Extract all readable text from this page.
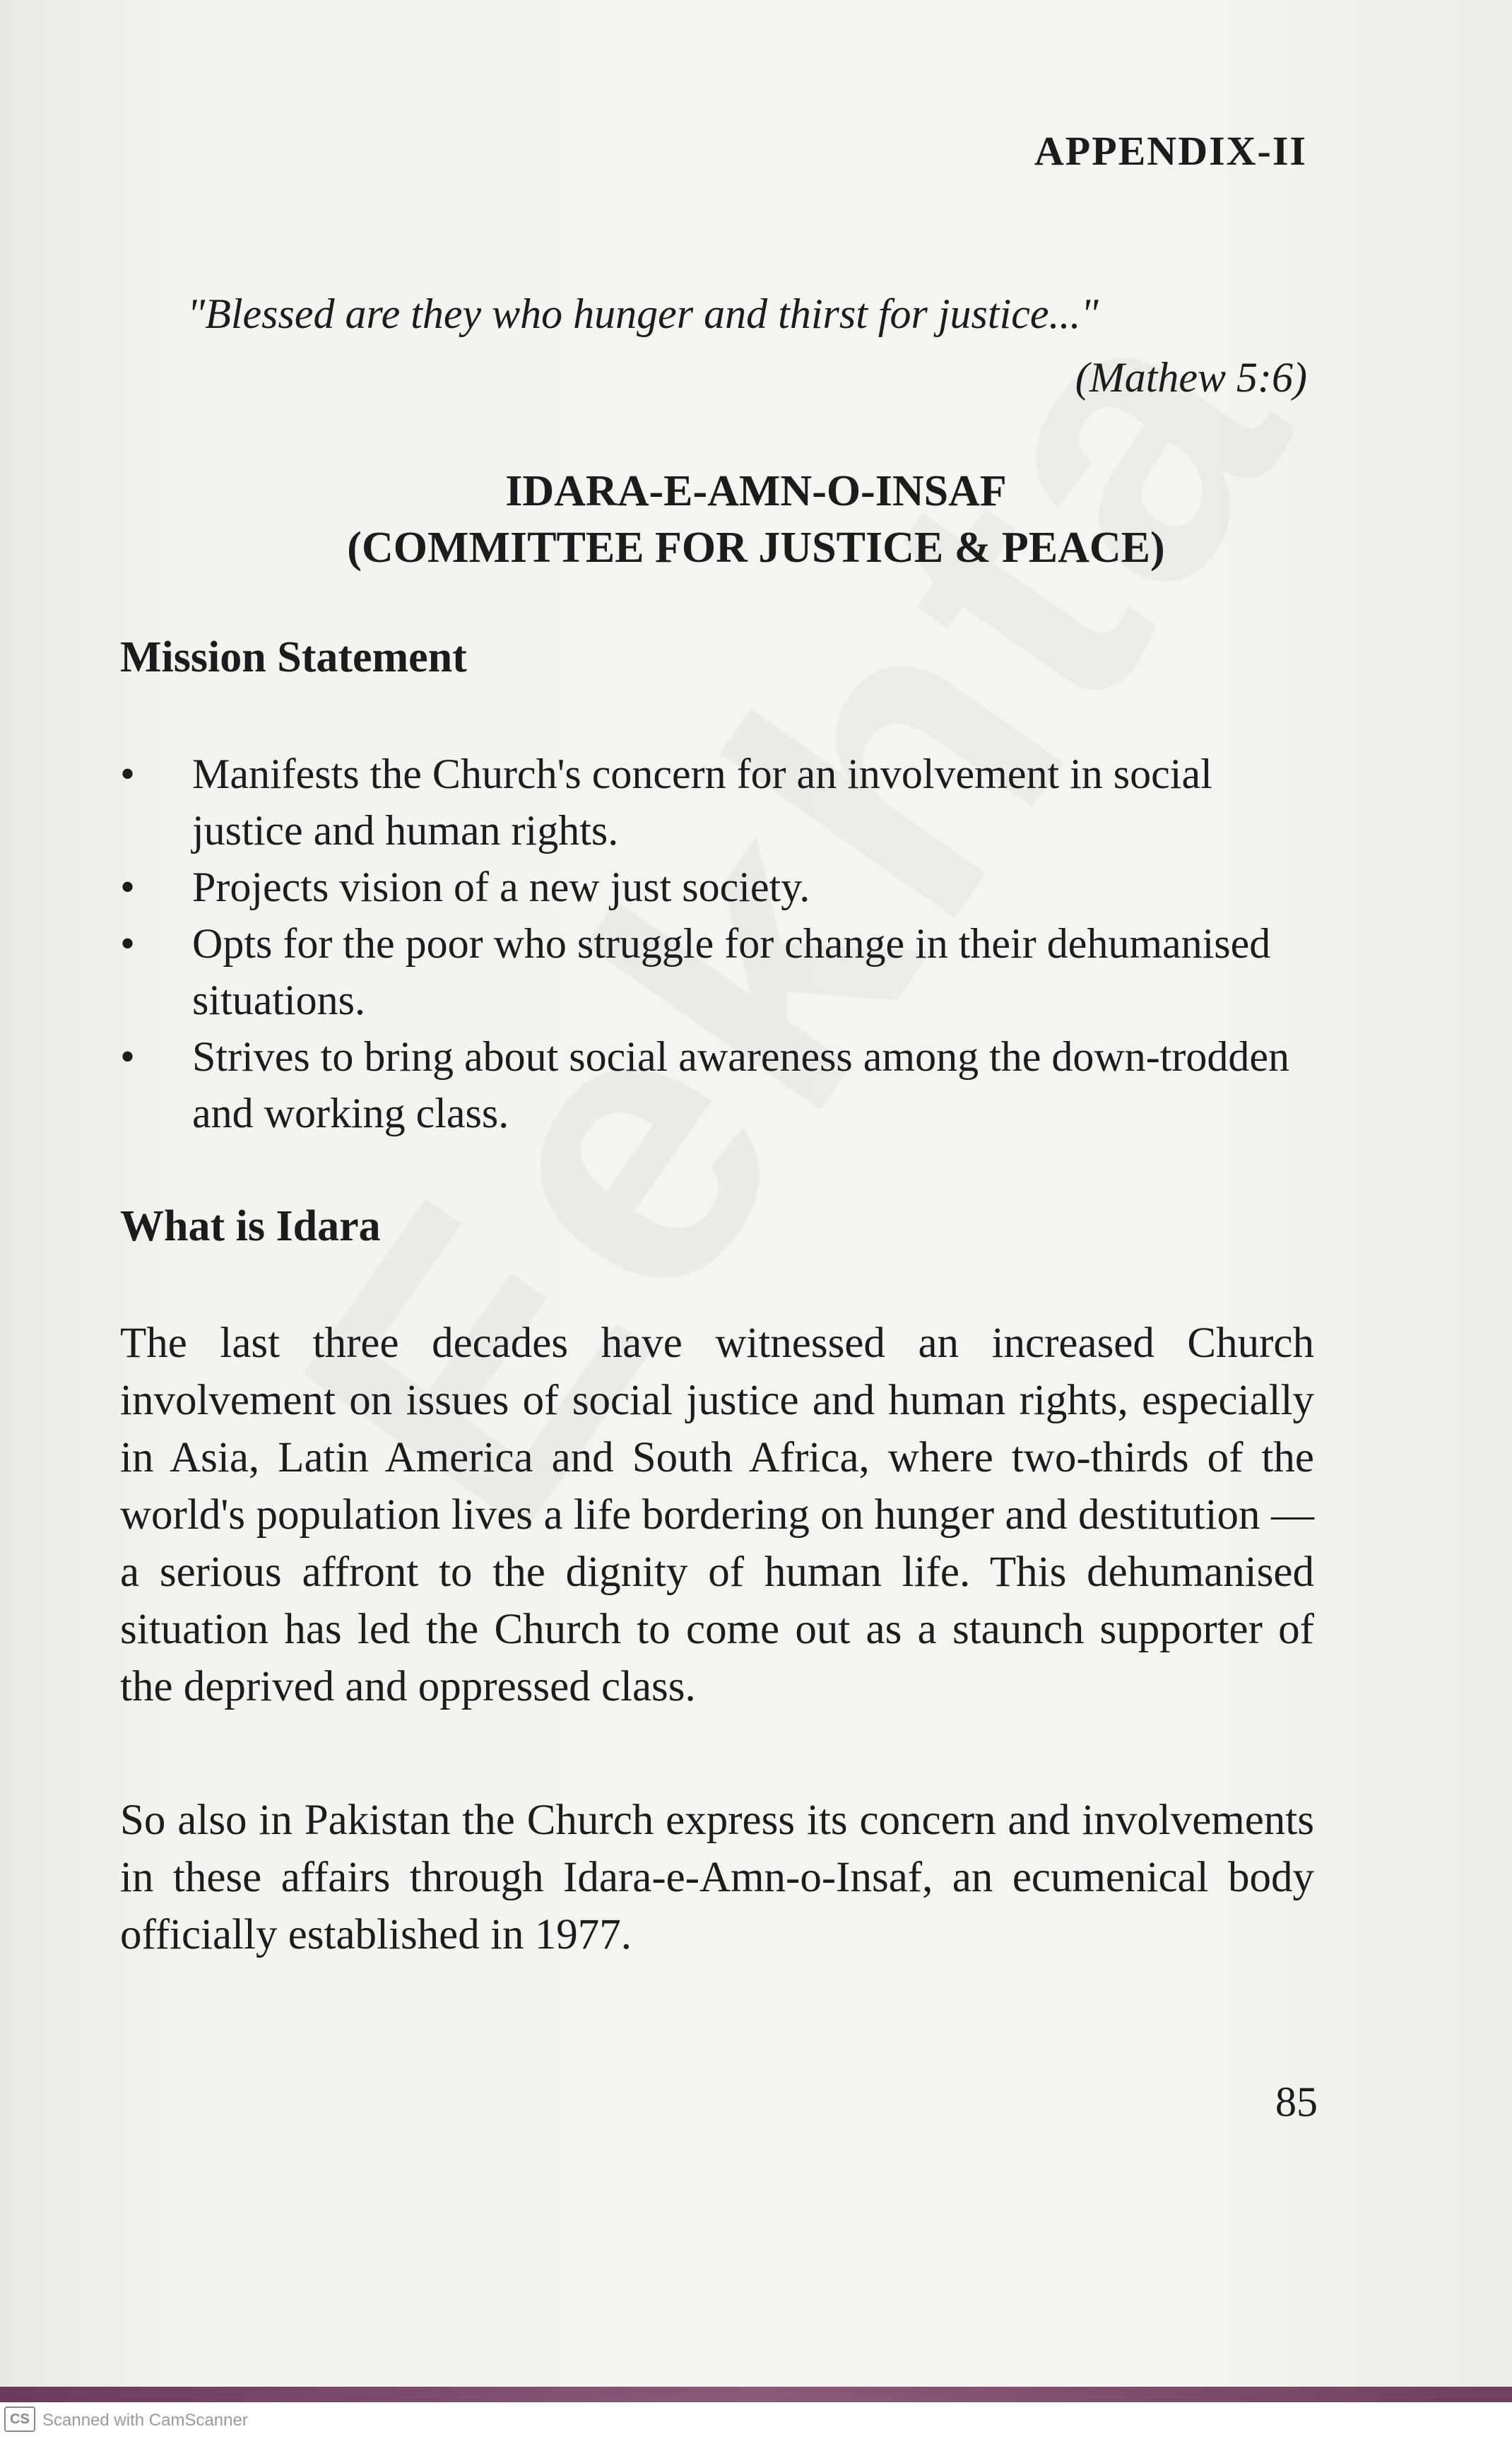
APPENDIX-II
"Blessed are they who hunger and thirst for justice..."
(Mathew 5:6)
IDARA-E-AMN-O-INSAF
(COMMITTEE FOR JUSTICE & PEACE)
Mission Statement
•	Manifests the Church's concern for an involvement in social justice and human rights.
•	Projects vision of a new just society.
•	Opts for the poor who struggle for change in their dehumanised situations.
•	Strives to bring about social awareness among the down-trodden and working class.
What is Idara

The last three decades have witnessed an increased Church involvement on issues of social justice and human rights, especially in Asia, Latin America and South Africa, where two-thirds of the world's population lives a life bordering on hunger and destitution — a serious affront to the dignity of human life. This dehumanised situation has led the Church to come out as a staunch supporter of the deprived and oppressed class.

So also in Pakistan the Church express its concern and involvements in these affairs through Idara-e-Amn-o-Insaf, an ecumenical body officially established in 1977.

85
CS Scanned with CamScanner
